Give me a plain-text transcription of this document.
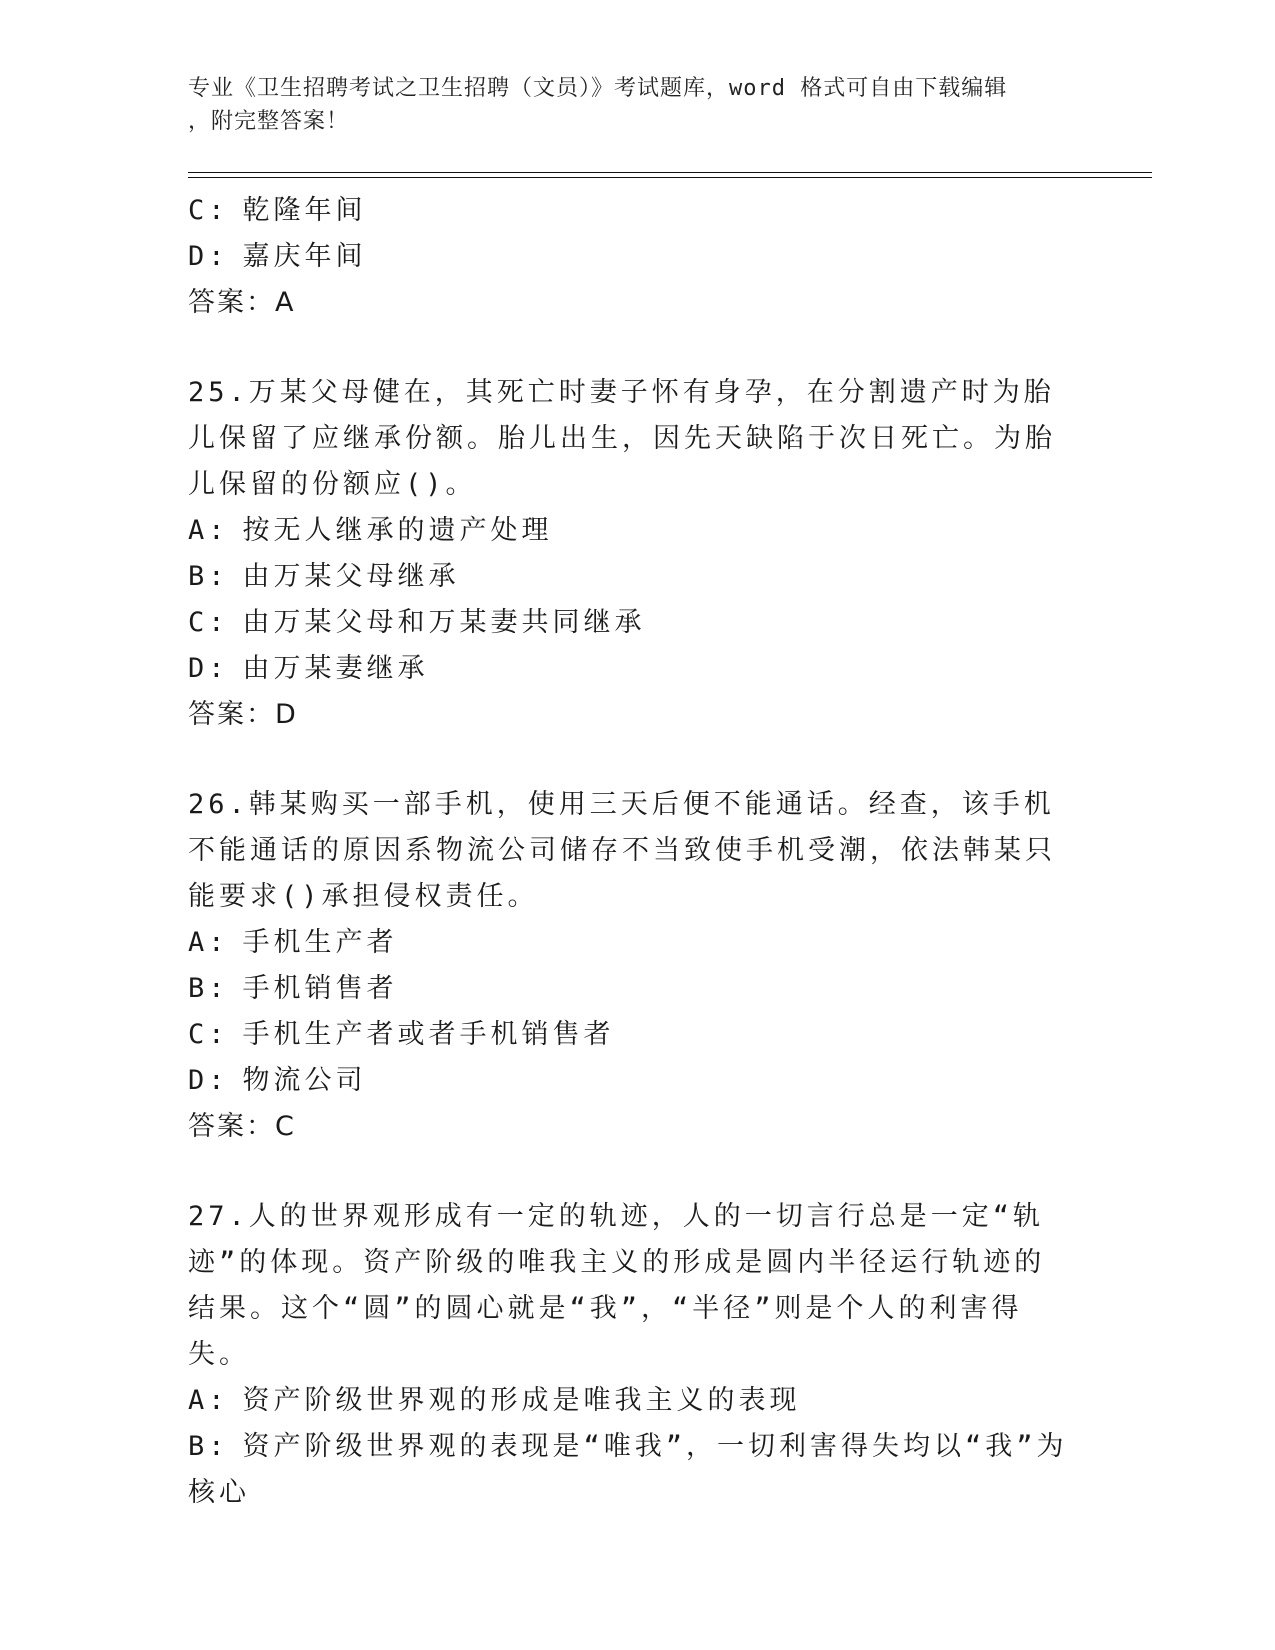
专业《卫生招聘考试之卫生招聘（文员）》考试题库，word 格式可自由下载编辑
，附完整答案！
C: 乾隆年间
D: 嘉庆年间
答案：A
25.万某父母健在，其死亡时妻子怀有身孕，在分割遗产时为胎儿保留了应继承份额。胎儿出生，因先天缺陷于次日死亡。为胎儿保留的份额应()。
A: 按无人继承的遗产处理
B: 由万某父母继承
C: 由万某父母和万某妻共同继承
D: 由万某妻继承
答案：D
26.韩某购买一部手机，使用三天后便不能通话。经查，该手机不能通话的原因系物流公司储存不当致使手机受潮，依法韩某只能要求()承担侵权责任。
A: 手机生产者
B: 手机销售者
C: 手机生产者或者手机销售者
D: 物流公司
答案：C
27.人的世界观形成有一定的轨迹，人的一切言行总是一定“轨迹”的体现。资产阶级的唯我主义的形成是圆内半径运行轨迹的结果。这个“圆”的圆心就是“我”，“半径”则是个人的利害得失。
A: 资产阶级世界观的形成是唯我主义的表现
B: 资产阶级世界观的表现是“唯我”，一切利害得失均以“我”为核心
